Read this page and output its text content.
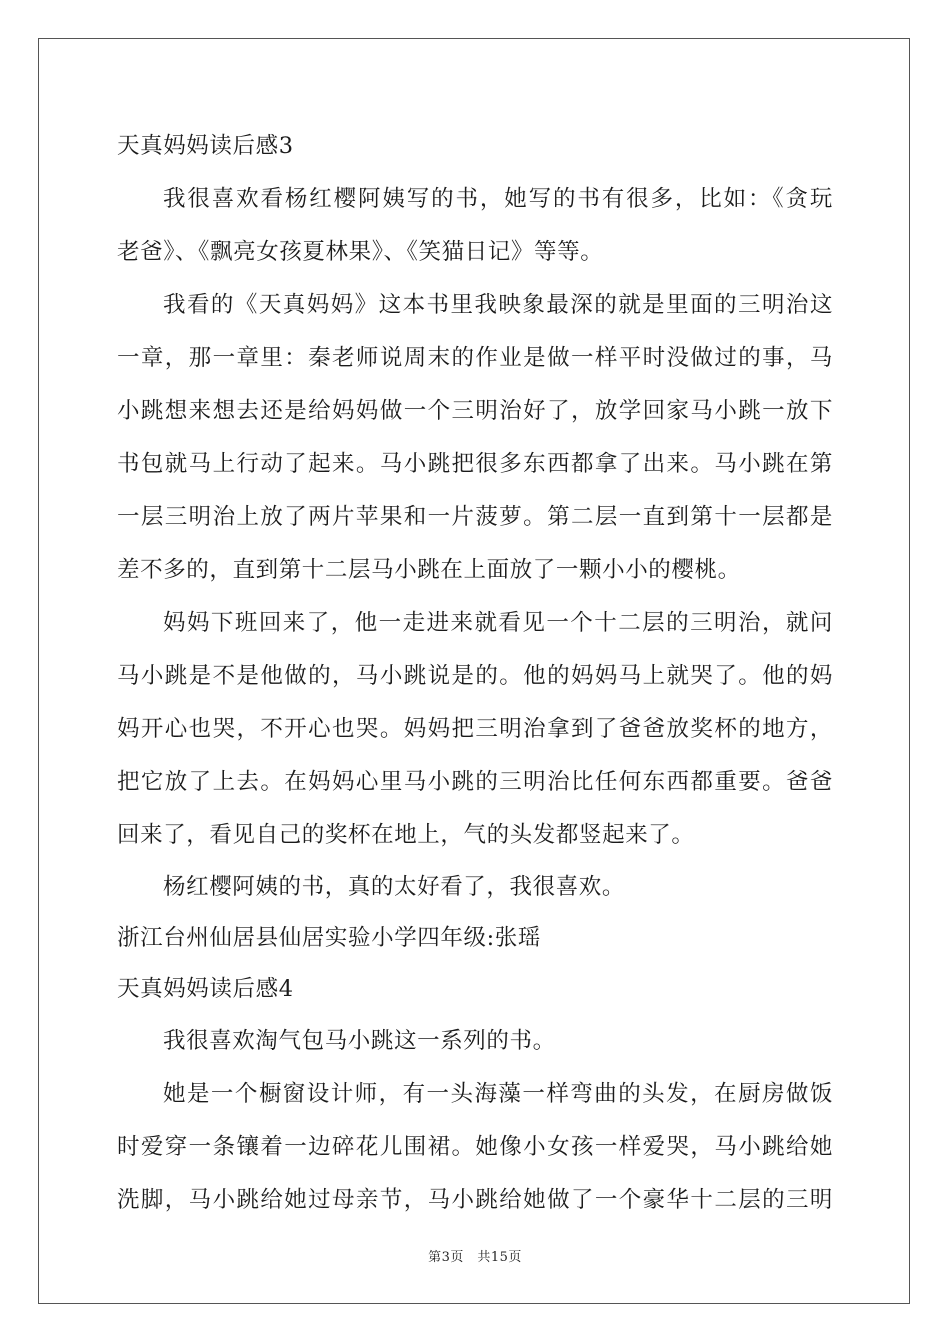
天真妈妈读后感3
我很喜欢看杨红樱阿姨写的书，她写的书有很多，比如：《贪玩
老爸》、《飘亮女孩夏林果》、《笑猫日记》等等。
我看的《天真妈妈》这本书里我映象最深的就是里面的三明治这
一章，那一章里：秦老师说周末的作业是做一样平时没做过的事，马
小跳想来想去还是给妈妈做一个三明治好了，放学回家马小跳一放下
书包就马上行动了起来。马小跳把很多东西都拿了出来。马小跳在第
一层三明治上放了两片苹果和一片菠萝。第二层一直到第十一层都是
差不多的，直到第十二层马小跳在上面放了一颗小小的樱桃。
妈妈下班回来了，他一走进来就看见一个十二层的三明治，就问
马小跳是不是他做的，马小跳说是的。他的妈妈马上就哭了。他的妈
妈开心也哭，不开心也哭。妈妈把三明治拿到了爸爸放奖杯的地方，
把它放了上去。在妈妈心里马小跳的三明治比任何东西都重要。爸爸
回来了，看见自己的奖杯在地上，气的头发都竖起来了。
杨红樱阿姨的书，真的太好看了，我很喜欢。
浙江台州仙居县仙居实验小学四年级:张瑶
天真妈妈读后感4
我很喜欢淘气包马小跳这一系列的书。
她是一个橱窗设计师，有一头海藻一样弯曲的头发，在厨房做饭
时爱穿一条镶着一边碎花儿围裙。她像小女孩一样爱哭，马小跳给她
洗脚，马小跳给她过母亲节，马小跳给她做了一个豪华十二层的三明
第3页　共15页
